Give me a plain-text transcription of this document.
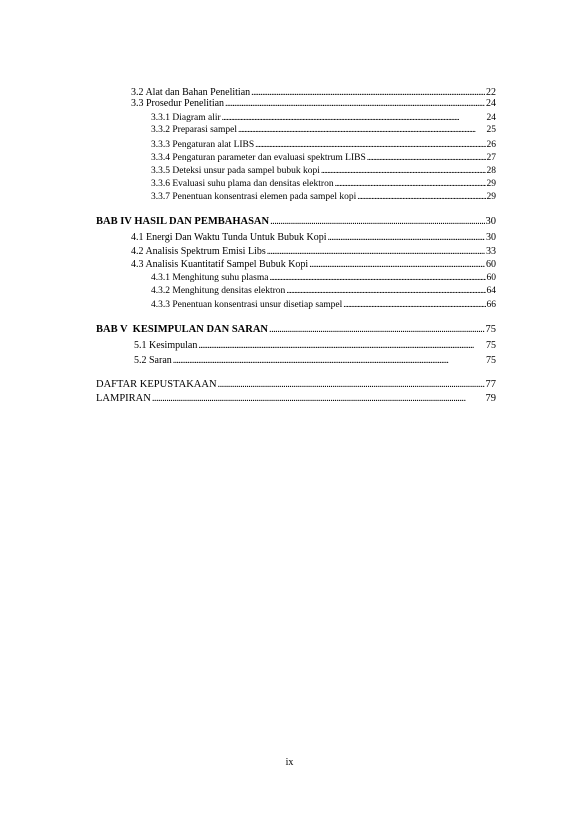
3.2 Alat dan Bahan Penelitian . . .	22
3.3 Prosedur Penelitian . . .	24
3.3.1 Diagram alir . . .	24
3.3.2 Preparasi sampel . . .	25
3.3.3 Pengaturan alat LIBS . . .	26
3.3.4 Pengaturan parameter dan evaluasi spektrum LIBS . . .	27
3.3.5 Deteksi unsur pada sampel bubuk kopi . . .	28
3.3.6 Evaluasi suhu plama dan densitas elektron . . .	29
3.3.7 Penentuan konsentrasi elemen pada sampel kopi . . .	29
BAB IV HASIL DAN PEMBAHASAN . . .	30
4.1 Energi Dan Waktu Tunda Untuk Bubuk Kopi . . .	30
4.2 Analisis Spektrum Emisi Libs . . .	33
4.3 Analisis Kuantitatif Sampel Bubuk Kopi . . .	60
4.3.1 Menghitung suhu plasma . . .	60
4.3.2 Menghitung densitas elektron . . .	64
4.3.3 Penentuan konsentrasi unsur disetiap sampel . . .	66
BAB V  KESIMPULAN DAN SARAN . . .	75
5.1 Kesimpulan . . .	75
5.2 Saran . . .	75
DAFTAR KEPUSTAKAAN . . .	77
LAMPIRAN . . .	79
ix
